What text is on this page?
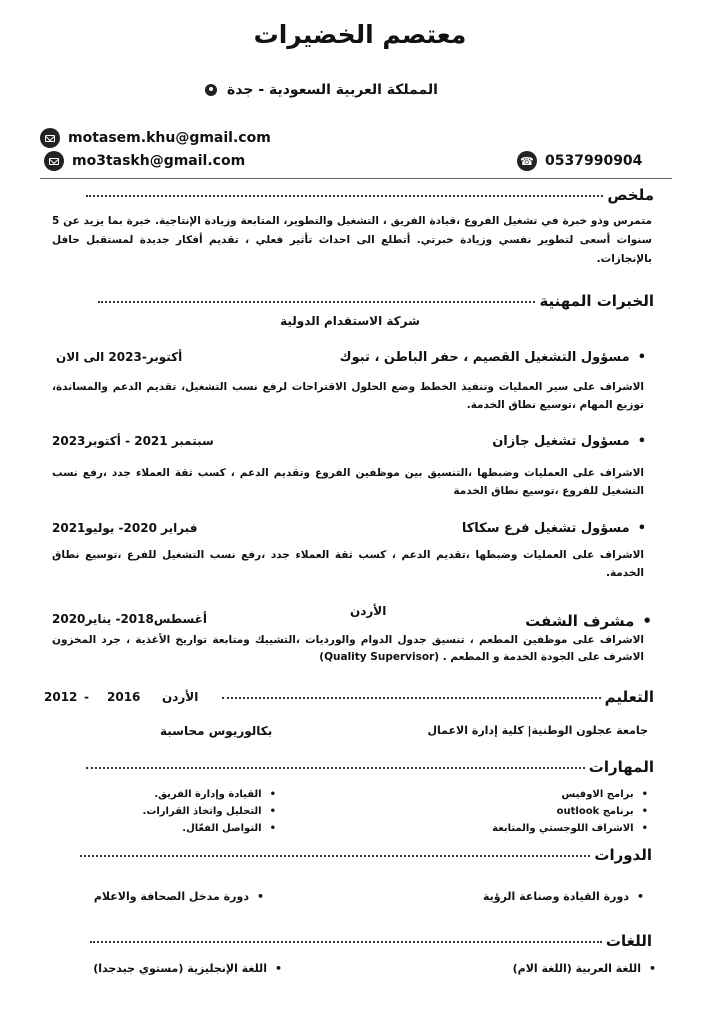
معتصم الخضيرات
المملكة العربية السعودية - جدة
motasem.khu@gmail.com
mo3taskh@gmail.com	☎ 0537990904
ملخص
متمرس وذو خبرة في تشغيل الفروع ،قيادة الفريق ، التشغيل والتطوير، المتابعة وزيادة الإنتاجية. خبرة بما يزيد عن 5 سنوات أسعى لتطوير نفسي وزيادة خبرتي. أتطلع الى احداث تأثير فعلي ، تقديم أفكار جديدة لمستقبل حافل بالإنجازات.
الخبرات المهنية
شركة الاستقدام الدولية
• مسؤول التشغيل القصيم ، حفر الباطن ، تبوك
أكتوبر-2023 الى الان
الاشراف على سير العمليات وتنفيذ الخطط وضع الحلول الاقتراحات لرفع نسب التشغيل، تقديم الدعم والمساندة، توزيع المهام ،توسيع نطاق الخدمة.
• مسؤول تشغيل جازان
سبتمبر 2021 - أكتوبر2023
الاشراف على العمليات وضبطها ،التنسيق بين موظفين الفروع وتقديم الدعم ، كسب ثقة العملاء جدد ،رفع نسب التشغيل للفروع ،توسيع نطاق الخدمة
• مسؤول تشغيل فرع سكاكا
فبراير 2020- يوليو2021
الاشراف على العمليات وضبطها ،تقديم الدعم ، كسب ثقة العملاء جدد ،رفع نسب التشغيل للفرع ،توسيع نطاق الخدمة.
• مشرف الشفت
الأردن
أغسطس2018- يناير2020
الاشراف على موظفين المطعم ، تنسيق جدول الدوام والورديات ،التشييك ومتابعة تواريخ الأغذية ، جرد المخزون الاشرف على الجودة الخدمة و المطعم . (Quality Supervisor)
التعليم
الأردن
2016
-
2012
جامعة عجلون الوطنية| كلية إدارة الاعمال
بكالوريوس محاسبة
المهارات
• برامج الاوفيس
• برنامج outlook
• الاشراف اللوجستي والمتابعة
• القيادة وإدارة الفريق.
• التحليل واتخاذ القرارات.
• التواصل الفعّال.
الدورات
• دورة القيادة وصناعة الرؤية
• دورة مدخل الصحافة والاعلام
اللغات
• اللغة العربية (اللغة الام)
• اللغة الإنجليزية (مستوي جيدجدا)
